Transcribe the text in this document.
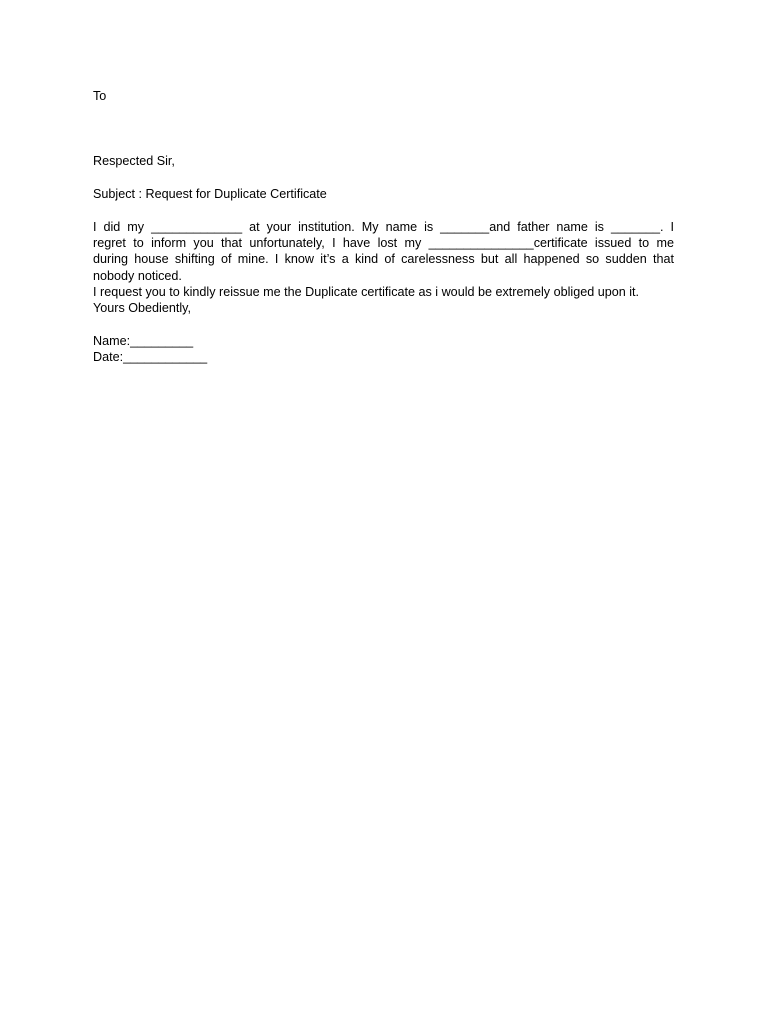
To
Respected Sir,
Subject : Request for Duplicate Certificate

I did my _____________ at your institution. My name is _______and father name is _______. I

regret to inform you that unfortunately, I have lost my _______________certificate issued to me

during house shifting of mine. I know it’s a kind of carelessness but all happened so sudden that

nobody noticed.

I request you to kindly reissue me the Duplicate certificate as i would be extremely obliged upon it.

Yours Obediently,

Name:_________

Date:____________
